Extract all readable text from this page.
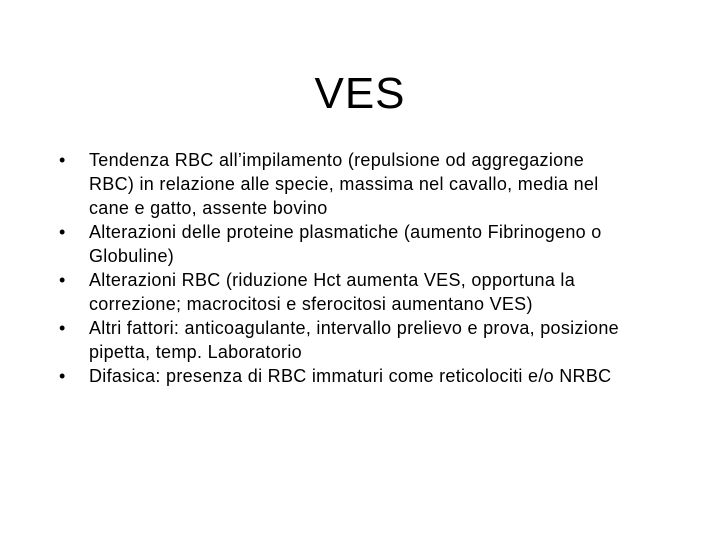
VES
•	Tendenza RBC all’impilamento (repulsione od aggregazione
RBC) in relazione alle specie, massima nel cavallo, media nel
cane e gatto, assente bovino
•	Alterazioni delle proteine plasmatiche (aumento Fibrinogeno o
Globuline)
•	Alterazioni RBC (riduzione Hct aumenta VES, opportuna la
correzione; macrocitosi e sferocitosi aumentano VES)
•	Altri fattori: anticoagulante, intervallo prelievo e prova, posizione
pipetta, temp. Laboratorio
•	Difasica: presenza di RBC immaturi come reticolociti e/o NRBC
